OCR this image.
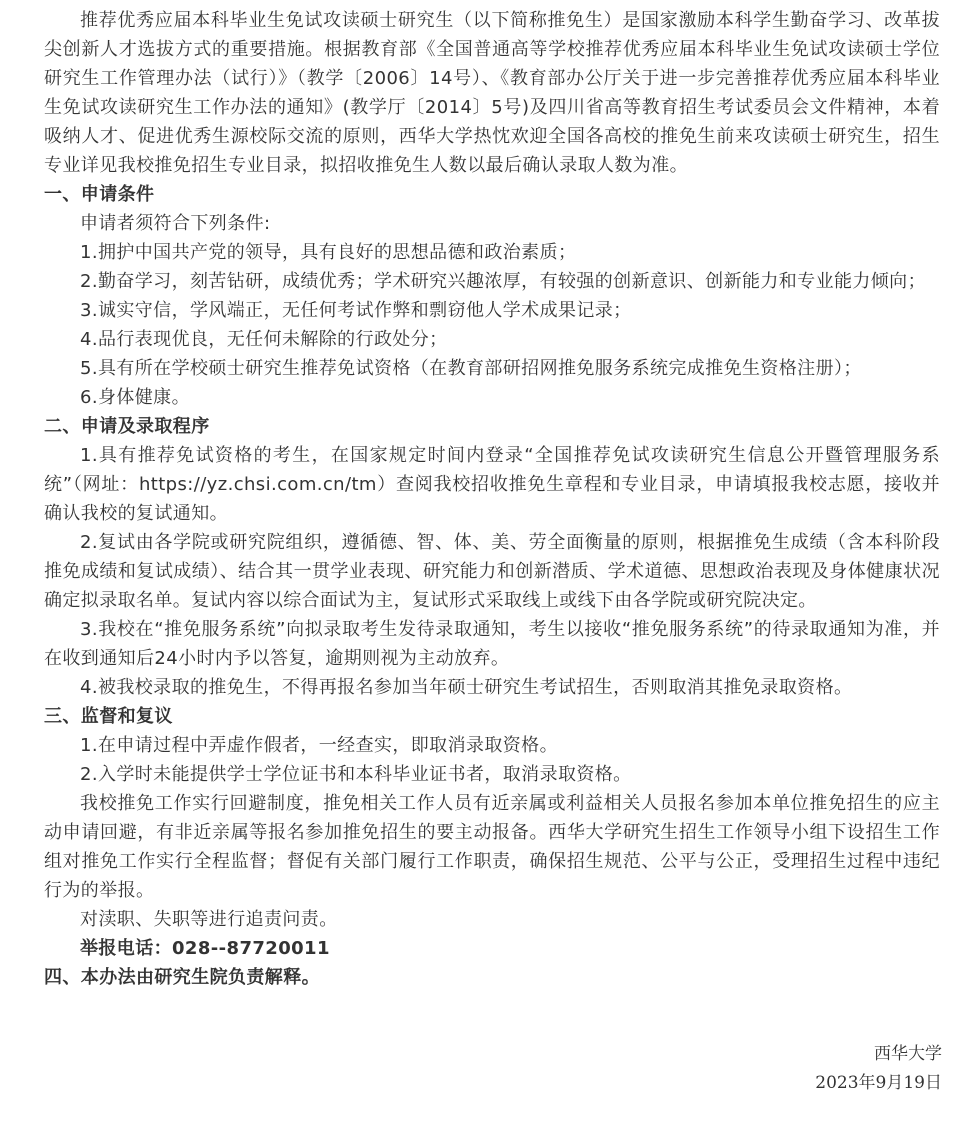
推荐优秀应届本科毕业生免试攻读硕士研究生（以下简称推免生）是国家激励本科学生勤奋学习、改革拔尖创新人才选拔方式的重要措施。根据教育部《全国普通高等学校推荐优秀应届本科毕业生免试攻读硕士学位研究生工作管理办法（试行）》（教学〔2006〕14号）、《教育部办公厅关于进一步完善推荐优秀应届本科毕业生免试攻读研究生工作办法的通知》(教学厅〔2014〕5号)及四川省高等教育招生考试委员会文件精神，本着吸纳人才、促进优秀生源校际交流的原则，西华大学热忱欢迎全国各高校的推免生前来攻读硕士研究生，招生专业详见我校推免招生专业目录，拟招收推免生人数以最后确认录取人数为准。

一、申请条件

申请者须符合下列条件:

1.拥护中国共产党的领导，具有良好的思想品德和政治素质；

2.勤奋学习，刻苦钻研，成绩优秀；学术研究兴趣浓厚，有较强的创新意识、创新能力和专业能力倾向；

3.诚实守信，学风端正，无任何考试作弊和剽窃他人学术成果记录；

4.品行表现优良，无任何未解除的行政处分；

5.具有所在学校硕士研究生推荐免试资格（在教育部研招网推免服务系统完成推免生资格注册）；

6.身体健康。

二、申请及录取程序

1.具有推荐免试资格的考生，在国家规定时间内登录“全国推荐免试攻读研究生信息公开暨管理服务系统”（网址：https://yz.chsi.com.cn/tm）查阅我校招收推免生章程和专业目录，申请填报我校志愿，接收并确认我校的复试通知。

2.复试由各学院或研究院组织，遵循德、智、体、美、劳全面衡量的原则，根据推免生成绩（含本科阶段推免成绩和复试成绩）、结合其一贯学业表现、研究能力和创新潜质、学术道德、思想政治表现及身体健康状况确定拟录取名单。复试内容以综合面试为主，复试形式采取线上或线下由各学院或研究院决定。

3.我校在“推免服务系统”向拟录取考生发待录取通知，考生以接收“推免服务系统”的待录取通知为准，并在收到通知后24小时内予以答复，逾期则视为主动放弃。

4.被我校录取的推免生，不得再报名参加当年硕士研究生考试招生，否则取消其推免录取资格。

三、监督和复议

1.在申请过程中弄虚作假者，一经查实，即取消录取资格。

2.入学时未能提供学士学位证书和本科毕业证书者，取消录取资格。

我校推免工作实行回避制度，推免相关工作人员有近亲属或利益相关人员报名参加本单位推免招生的应主动申请回避，有非近亲属等报名参加推免招生的要主动报备。西华大学研究生招生工作领导小组下设招生工作组对推免工作实行全程监督；督促有关部门履行工作职责，确保招生规范、公平与公正，受理招生过程中违纪行为的举报。

对渎职、失职等进行追责问责。

举报电话：028--87720011

四、本办法由研究生院负责解释。

西华大学
2023年9月19日
